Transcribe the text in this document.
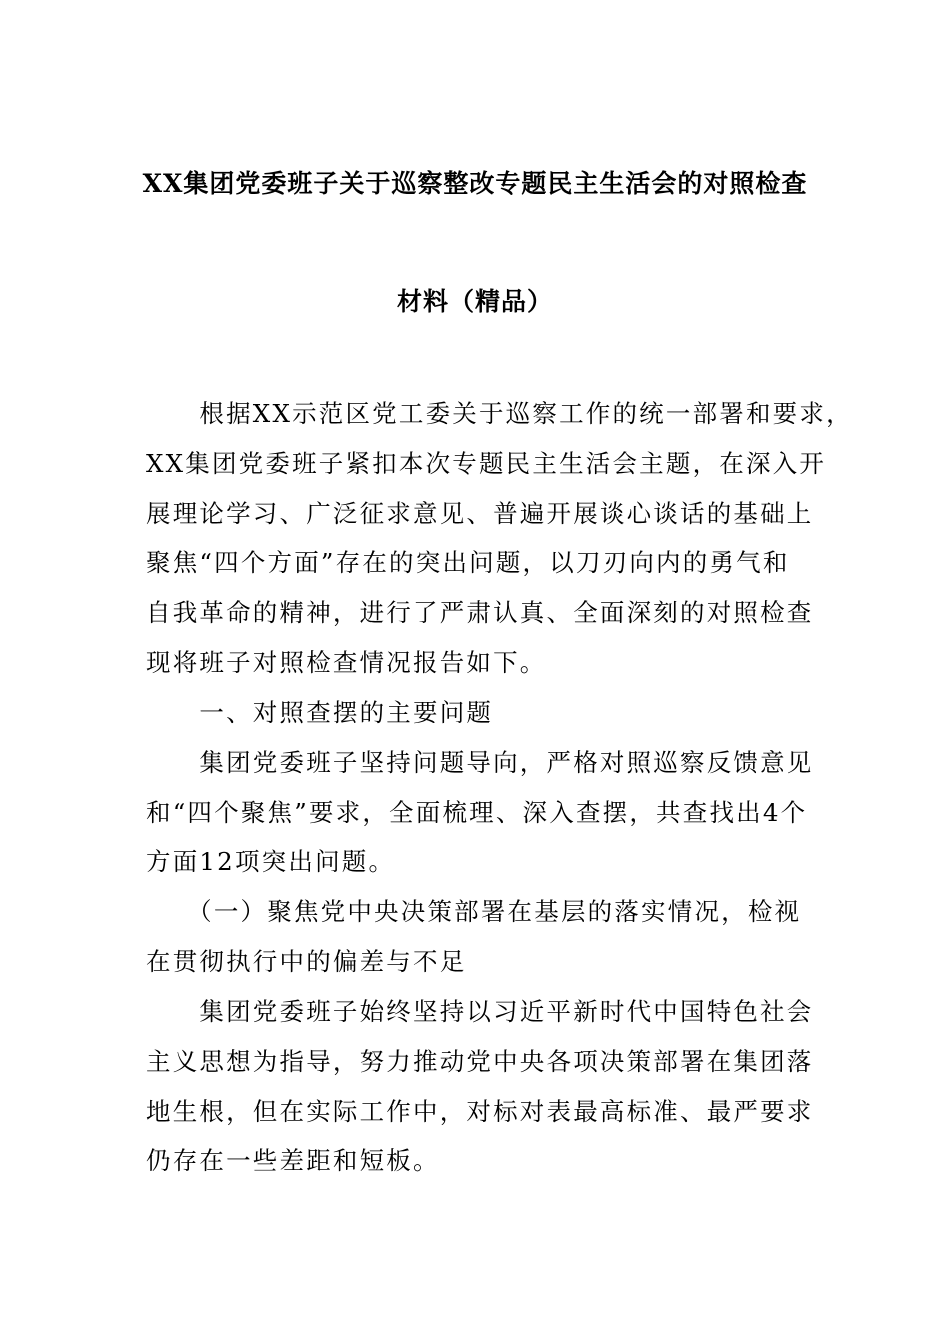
XX集团党委班子关于巡察整改专题民主生活会的对照检查
材料（精品）
　　根据XX示范区党工委关于巡察工作的统一部署和要求，
XX集团党委班子紧扣本次专题民主生活会主题，在深入开
展理论学习、广泛征求意见、普遍开展谈心谈话的基础上
聚焦“四个方面”存在的突出问题，以刀刃向内的勇气和
自我革命的精神，进行了严肃认真、全面深刻的对照检查
现将班子对照检查情况报告如下。
　　一、对照查摆的主要问题
　　集团党委班子坚持问题导向，严格对照巡察反馈意见
和“四个聚焦”要求，全面梳理、深入查摆，共查找出4个
方面12项突出问题。
　　（一）聚焦党中央决策部署在基层的落实情况，检视
在贯彻执行中的偏差与不足
　　集团党委班子始终坚持以习近平新时代中国特色社会
主义思想为指导，努力推动党中央各项决策部署在集团落
地生根，但在实际工作中，对标对表最高标准、最严要求
仍存在一些差距和短板。
